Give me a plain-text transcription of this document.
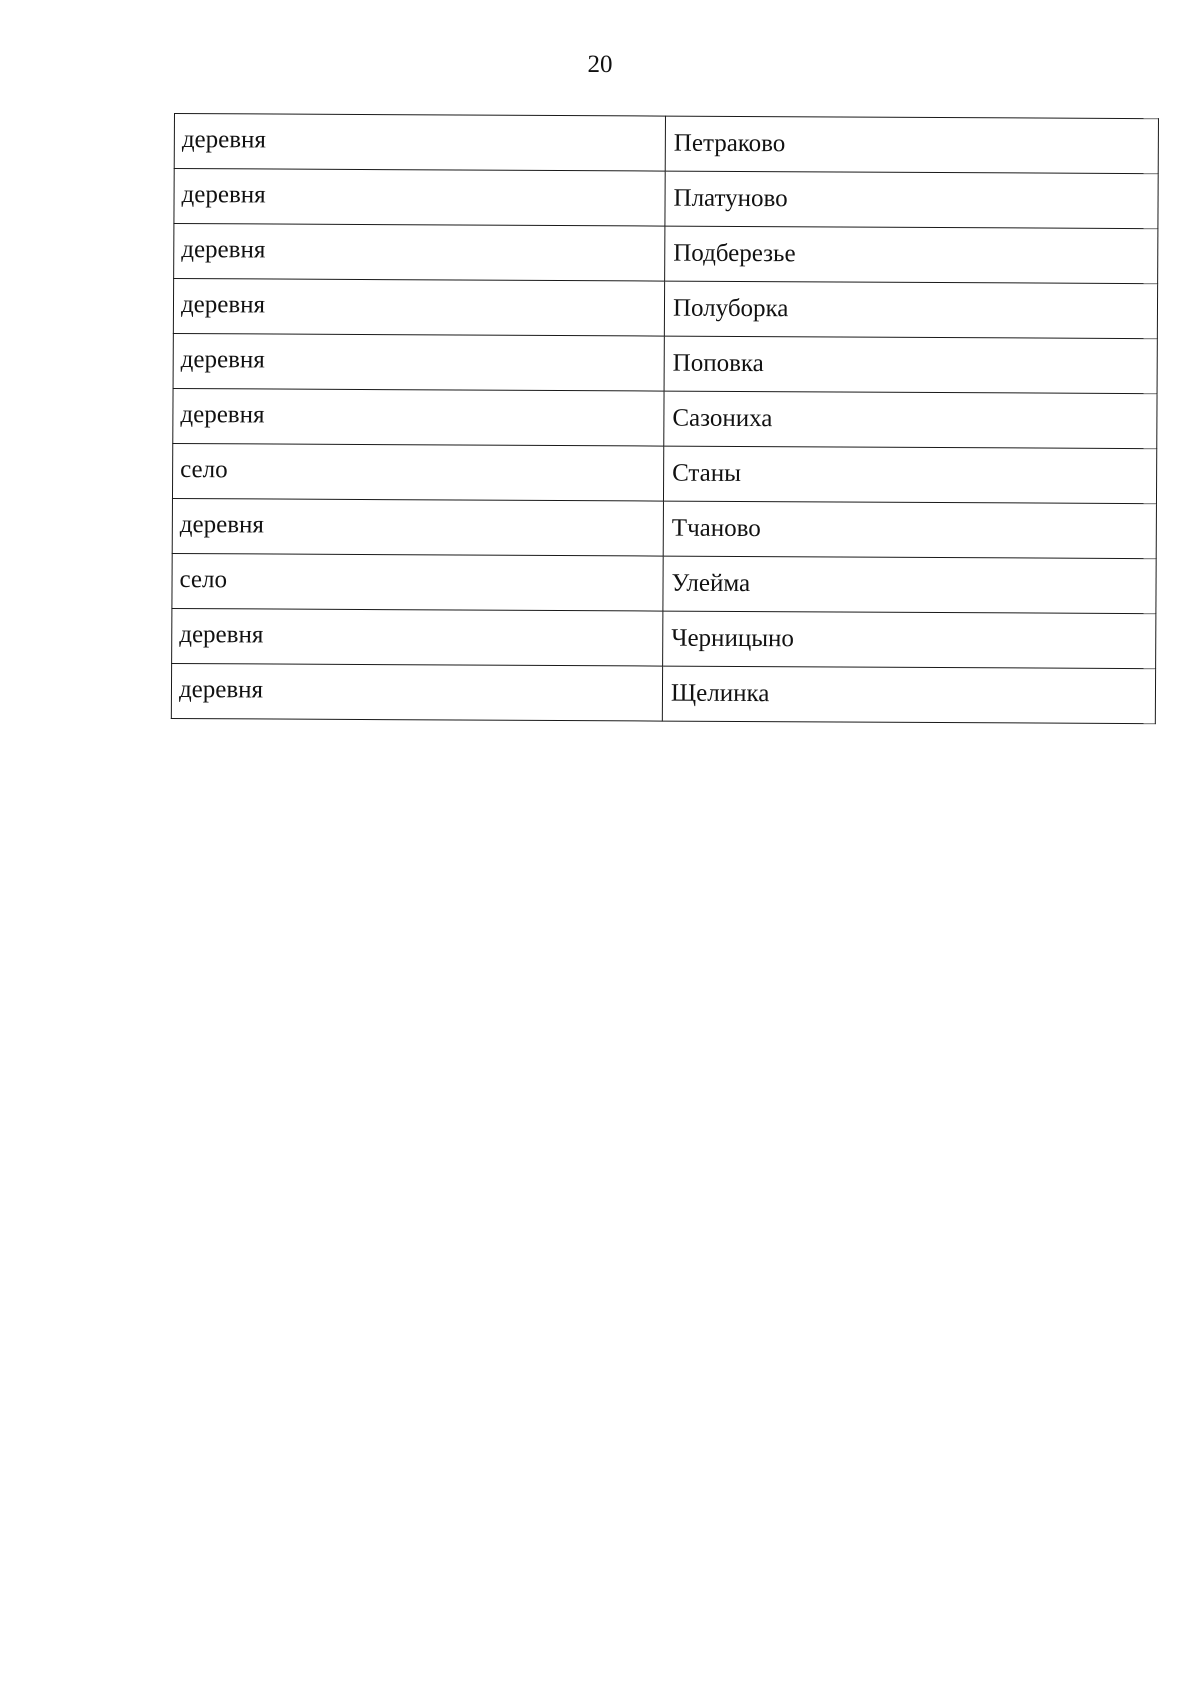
20
деревня	Петраково

деревня	Платуново

деревня	Подберезье

деревня	Полуборка

деревня	Поповка

деревня	Сазониха

село	Станы

деревня	Тчаново

село	Улейма

деревня	Черницыно

деревня	Щелинка
